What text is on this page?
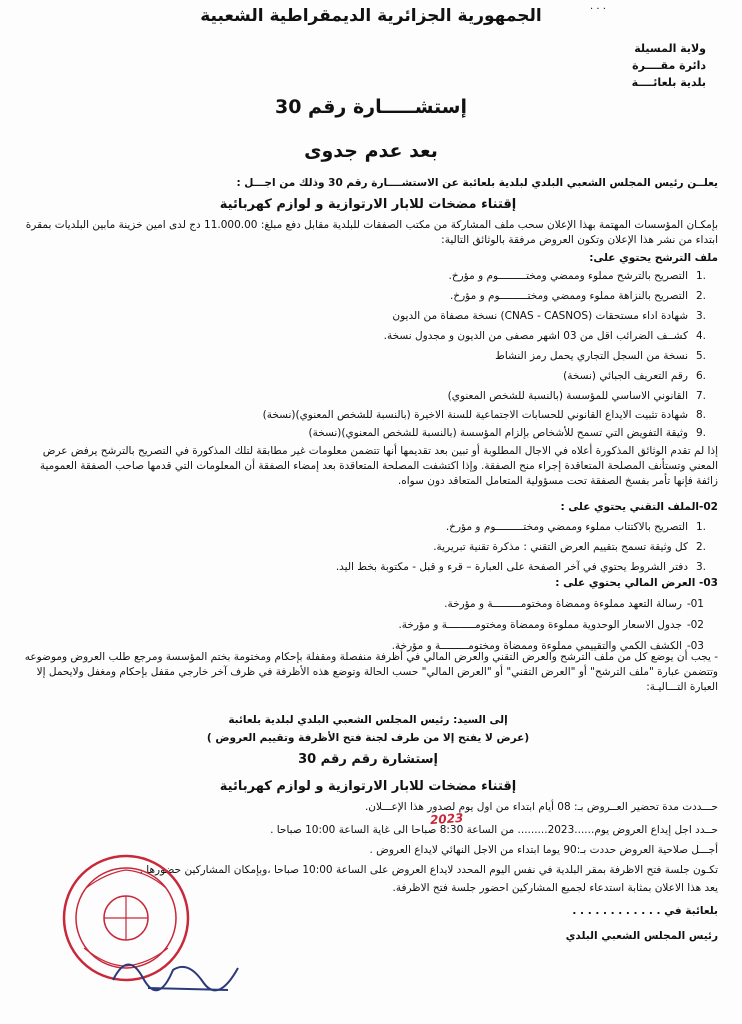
· · ·
الجمهورية الجزائرية الديمقراطية الشعبية
ولاية المسيلة
دائرة مقــــرة
بلدية بلعائــــة
إستشـــــارة رقم 30
بعد عدم جدوى
يعلــن رئيس المجلس الشعبي البلدي لبلدية بلعائبة عن الاستشــــارة رقم 30 وذلك من اجـــل :
إقتناء مضخات للابار الارتوازية و لوازم كهربائية
بإمكـان المؤسسات المهتمة بهذا الإعلان سحب ملف المشاركة من مكتب الصفقات للبلدية مقابل دفع مبلغ: 11.000.00 دج لدى امين خزينة مابين البلديات بمقرة ابتداء من نشر هذا الإعلان وتكون العروض مرفقة بالوثائق التالية:
ملف الترشح يحتوي على:
.1
التصريح بالترشح مملوء وممضي ومختـــــــــوم و مؤرخ.
.2
التصريح بالنزاهة مملوء وممضي ومختـــــــــوم و مؤرخ.
.3
شهادة اداء مستحقات (CNAS - CASNOS) نسخة مصفاة من الديون
.4
كشــف الضرائب اقل من 03 اشهر مصفى من الديون و مجدول نسخة.
.5
نسخة من السجل التجاري يحمل رمز النشاط
.6
رقم التعريف الجبائي (نسخة)
.7
القانوني الاساسي للمؤسسة (بالنسبة للشخص المعنوي)
.8
شهادة تثبيت الايداع القانوني للحسابات الاجتماعية للسنة الاخيرة (بالنسبة للشخص المعنوي)(نسخة)
.9
وثيقة التفويض التي تسمح للأشخاص بإلزام المؤسسة (بالنسبة للشخص المعنوي)(نسخة)
إذا لم تقدم الوثائق المذكورة أعلاه في الاجال المطلوبة أو تبين بعد تقديمها أنها تتضمن معلومات غير مطابقة لتلك المذكورة في التصريح بالترشح يرفض عرض المعني وتستأنف المصلحة المتعاقدة إجراء منح الصفقة. وإذا اكتشفت المصلحة المتعاقدة بعد إمضاء الصفقة أن المعلومات التي قدمها صاحب الصفقة العمومية زائفة فإنها تأمر بفسخ الصفقة تحت مسؤولية المتعامل المتعاقد دون سواه.
02-الملف التقني يحتوي على :
.1
التصريح بالاكتتاب مملوء وممضي ومختـــــــــوم و مؤرخ.
.2
كل وثيقة تسمح بتقييم العرض التقني : مذكرة تقنية تبريرية.
.3
دفتر الشروط يحتوي في آخر الصفحة على العبارة – قرء و قبل - مكتوبة بخط اليد.
03- العرض المالي يحتوي على :
01-
رسالة التعهد مملوءة وممضاة ومختومـــــــــة و مؤرخة.
02-
جدول الاسعار الوحدوية مملوءة وممضاة ومختومـــــــــة و مؤرخة.
03-
الكشف الكمي والتقييمي مملوءة وممضاة ومختومـــــــــة و مؤرخة.
- يجب أن يوضع كل من ملف الترشح والعرض التقني والعرض المالي في أظرفة منفصلة ومقفلة بإحكام ومختومة بختم المؤسسة ومرجع طلب العروض وموضوعه وتتضمن عبارة "ملف الترشح" أو "العرض التقني" أو "العرض المالي" حسب الحالة وتوضع هذه الأظرفة في ظرف آخر خارجي مقفل بإحكام ومغفل ولايحمل إلا العبارة التـــاليـة:
إلى السيد: رئيس المجلس الشعبي البلدي لبلدية بلعائبة
(عرض لا يفتح إلا من طرف لجنة فتح الأظرفة وتقييم العروض )
إستشارة رقم رقم 30
إقتناء مضخات للابار الارتوازية و لوازم كهربائية
حـــددت مدة تحضير العــروض بـ: 08 أيام ابتداء من اول يوم لصدور هذا الإعـــلان.
حــدد اجل إيداع العروض يوم......2023......... من الساعة 8:30 صباحا الى غاية الساعة 10:00 صباحا .
أجـــل صلاحية العروض حددت بـ:90 يوما ابتداء من الاجل النهائي لايداع العروض .
تكـون جلسة فتح الاظرفة بمقر البلدية في نفس اليوم المحدد لايداع العروض على الساعة 10:00 صباحا ،وبإمكان المشاركين حضورها .
يعد هذا الاعلان بمثابة استدعاء لجميع المشاركين احضور جلسة فتح الاظرفة.
بلعائبة في . . . . . . . . . . . .
رئيس المجلس الشعبي البلدي
2023
